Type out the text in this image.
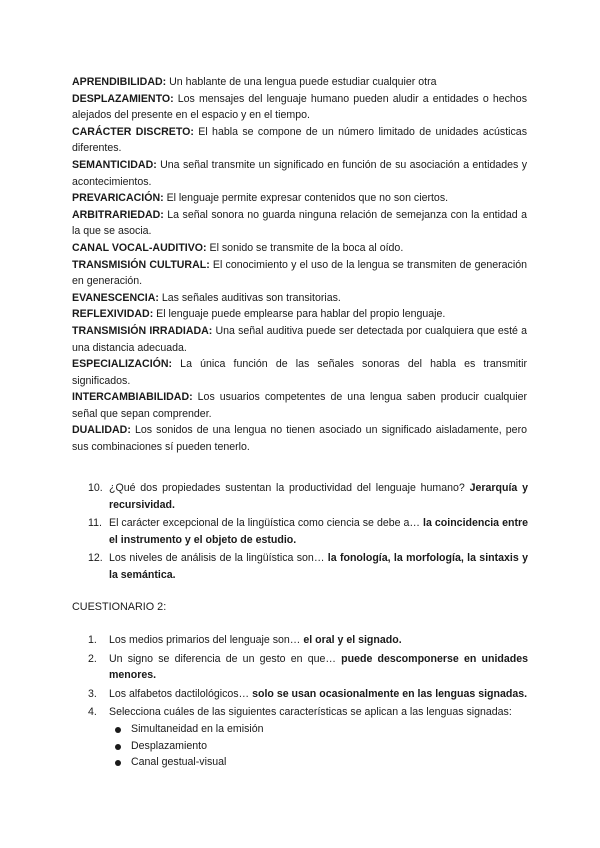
APRENDIBILIDAD: Un hablante de una lengua puede estudiar cualquier otra

DESPLAZAMIENTO: Los mensajes del lenguaje humano pueden aludir a entidades o hechos alejados del presente en el espacio y en el tiempo.

CARÁCTER DISCRETO: El habla se compone de un número limitado de unidades acústicas diferentes.

SEMANTICIDAD: Una señal transmite un significado en función de su asociación a entidades y acontecimientos.

PREVARICACIÓN: El lenguaje permite expresar contenidos que no son ciertos.

ARBITRARIEDAD: La señal sonora no guarda ninguna relación de semejanza con la entidad a la que se asocia.

CANAL VOCAL-AUDITIVO: El sonido se transmite de la boca al oído.

TRANSMISIÓN CULTURAL: El conocimiento y el uso de la lengua se transmiten de generación en generación.

EVANESCENCIA: Las señales auditivas son transitorias.

REFLEXIVIDAD: El lenguaje puede emplearse para hablar del propio lenguaje.

TRANSMISIÓN IRRADIADA: Una señal auditiva puede ser detectada por cualquiera que esté a una distancia adecuada.

ESPECIALIZACIÓN: La única función de las señales sonoras del habla es transmitir significados.

INTERCAMBIABILIDAD: Los usuarios competentes de una lengua saben producir cualquier señal que sepan comprender.

DUALIDAD: Los sonidos de una lengua no tienen asociado un significado aisladamente, pero sus combinaciones sí pueden tenerlo.

10. ¿Qué dos propiedades sustentan la productividad del lenguaje humano? Jerarquía y recursividad.
11. El carácter excepcional de la lingüística como ciencia se debe a… la coincidencia entre el instrumento y el objeto de estudio.
12. Los niveles de análisis de la lingüística son… la fonología, la morfología, la sintaxis y la semántica.
CUESTIONARIO 2:
1. Los medios primarios del lenguaje son… el oral y el signado.
2. Un signo se diferencia de un gesto en que… puede descomponerse en unidades menores.
3. Los alfabetos dactilológicos… solo se usan ocasionalmente en las lenguas signadas.
4. Selecciona cuáles de las siguientes características se aplican a las lenguas signadas:
Simultaneidad en la emisión
Desplazamiento
Canal gestual-visual
